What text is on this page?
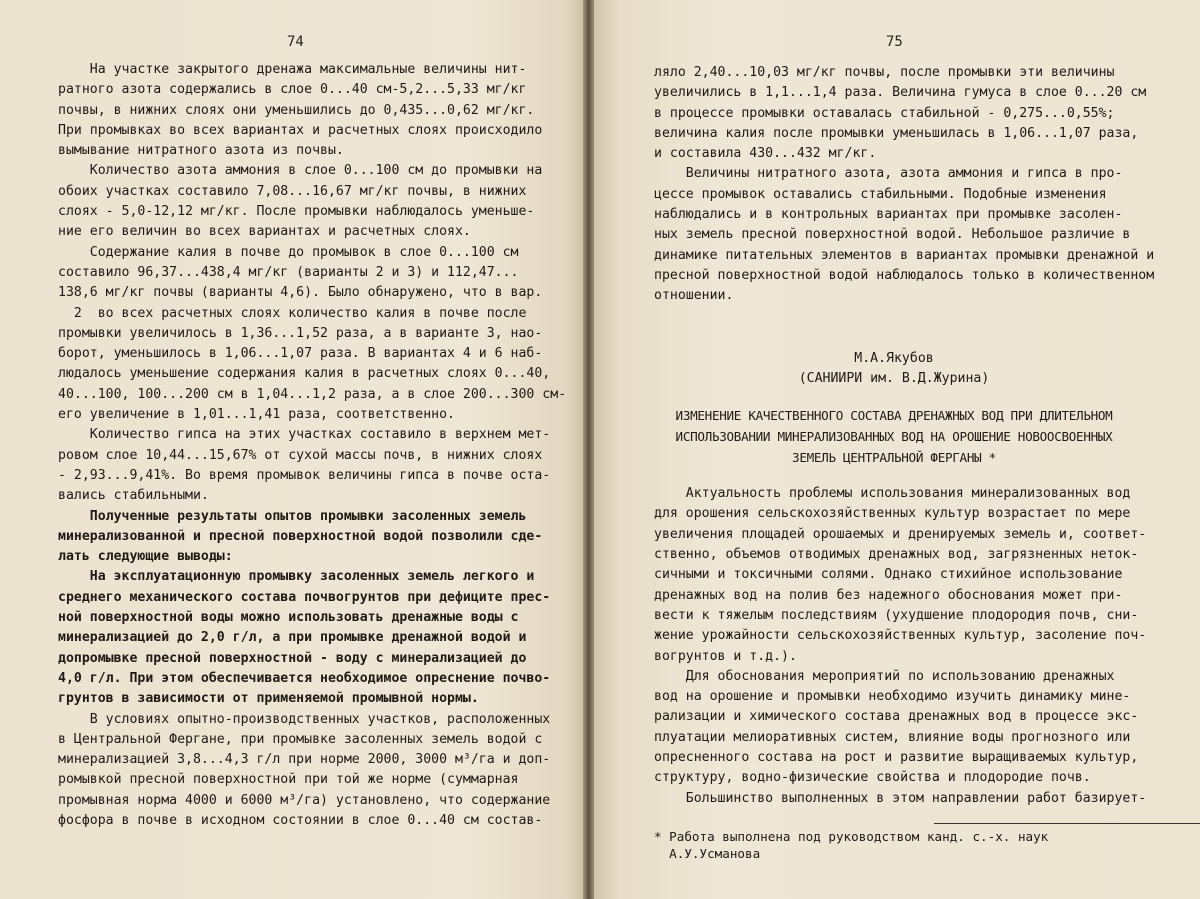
74

На участке закрытого дренажа максимальные величины нит-

ратного азота содержались в слое 0...40 см-5,2...5,33 мг/кг

почвы, в нижних слоях они уменьшились до 0,435...0,62 мг/кг.

При промывках во всех вариантах и расчетных слоях происходило

вымывание нитратного азота из почвы.

Количество азота аммония в слое 0...100 см до промывки на

обоих участках составило 7,08...16,67 мг/кг почвы, в нижних

слоях - 5,0-12,12 мг/кг. После промывки наблюдалось уменьше-

ние его величин во всех вариантах и расчетных слоях.

Содержание калия в почве до промывок в слое 0...100 см

составило 96,37...438,4 мг/кг (варианты 2 и 3) и 112,47...

138,6 мг/кг почвы (варианты 4,6). Было обнаружено, что в вар.

2  во всех расчетных слоях количество калия в почве после

промывки увеличилось в 1,36...1,52 раза, а в варианте 3, нао-

борот, уменьшилось в 1,06...1,07 раза. В вариантах 4 и 6 наб-

людалось уменьшение содержания калия в расчетных слоях 0...40,

40...100, 100...200 см в 1,04...1,2 раза, а в слое 200...300 см-

его увеличение в 1,01...1,41 раза, соответственно.

Количество гипса на этих участках составило в верхнем мет-

ровом слое 10,44...15,67% от сухой массы почв, в нижних слоях

- 2,93...9,41%. Во время промывок величины гипса в почве оста-

вались стабильными.

Полученные результаты опытов промывки засоленных земель

минерализованной и пресной поверхностной водой позволили сде-

лать следующие выводы:

На эксплуатационную промывку засоленных земель легкого и

среднего механического состава почвогрунтов при дефиците прес-

ной поверхностной воды можно использовать дренажные воды с

минерализацией до 2,0 г/л, а при промывке дренажной водой и

допромывке пресной поверхностной - воду с минерализацией до

4,0 г/л. При этом обеспечивается необходимое опреснение почво-

грунтов в зависимости от применяемой промывной нормы.

В условиях опытно-производственных участков, расположенных

в Центральной Фергане, при промывке засоленных земель водой с

минерализацией 3,8...4,3 г/л при норме 2000, 3000 м³/га и доп-

ромывкой пресной поверхностной при той же норме (суммарная

промывная норма 4000 и 6000 м³/га) установлено, что содержание

фосфора в почве в исходном состоянии в слое 0...40 см состав-

75

ляло 2,40...10,03 мг/кг почвы, после промывки эти величины

увеличились в 1,1...1,4 раза. Величина гумуса в слое 0...20 см

в процессе промывки оставалась стабильной - 0,275...0,55%;

величина калия после промывки уменьшилась в 1,06...1,07 раза,

и составила 430...432 мг/кг.

Величины нитратного азота, азота аммония и гипса в про-

цессе промывок оставались стабильными. Подобные изменения

наблюдались и в контрольных вариантах при промывке засолен-

ных земель пресной поверхностной водой. Небольшое различие в

динамике питательных элементов в вариантах промывки дренажной и

пресной поверхностной водой наблюдалось только в количественном

отношении.

М.А.Якубов

(САНИИРИ им. В.Д.Журина)

ИЗМЕНЕНИЕ КАЧЕСТВЕННОГО СОСТАВА ДРЕНАЖНЫХ ВОД ПРИ ДЛИТЕЛЬНОМ

ИСПОЛЬЗОВАНИИ МИНЕРАЛИЗОВАННЫХ ВОД НА ОРОШЕНИЕ НОВООСВОЕННЫХ

ЗЕМЕЛЬ ЦЕНТРАЛЬНОЙ ФЕРГАНЫ *

Актуальность проблемы использования минерализованных вод

для орошения сельскохозяйственных культур возрастает по мере

увеличения площадей орошаемых и дренируемых земель и, соответ-

ственно, объемов отводимых дренажных вод, загрязненных неток-

сичными и токсичными солями. Однако стихийное использование

дренажных вод на полив без надежного обоснования может при-

вести к тяжелым последствиям (ухудшение плодородия почв, сни-

жение урожайности сельскохозяйственных культур, засоление поч-

вогрунтов и т.д.).

Для обоснования мероприятий по использованию дренажных

вод на орошение и промывки необходимо изучить динамику мине-

рализации и химического состава дренажных вод в процессе экс-

плуатации мелиоративных систем, влияние воды прогнозного или

опресненного состава на рост и развитие выращиваемых культур,

структуру, водно-физические свойства и плодородие почв.

Большинство выполненных в этом направлении работ базирует-

* Работа выполнена под руководством канд. с.-х. наук

А.У.Усманова
